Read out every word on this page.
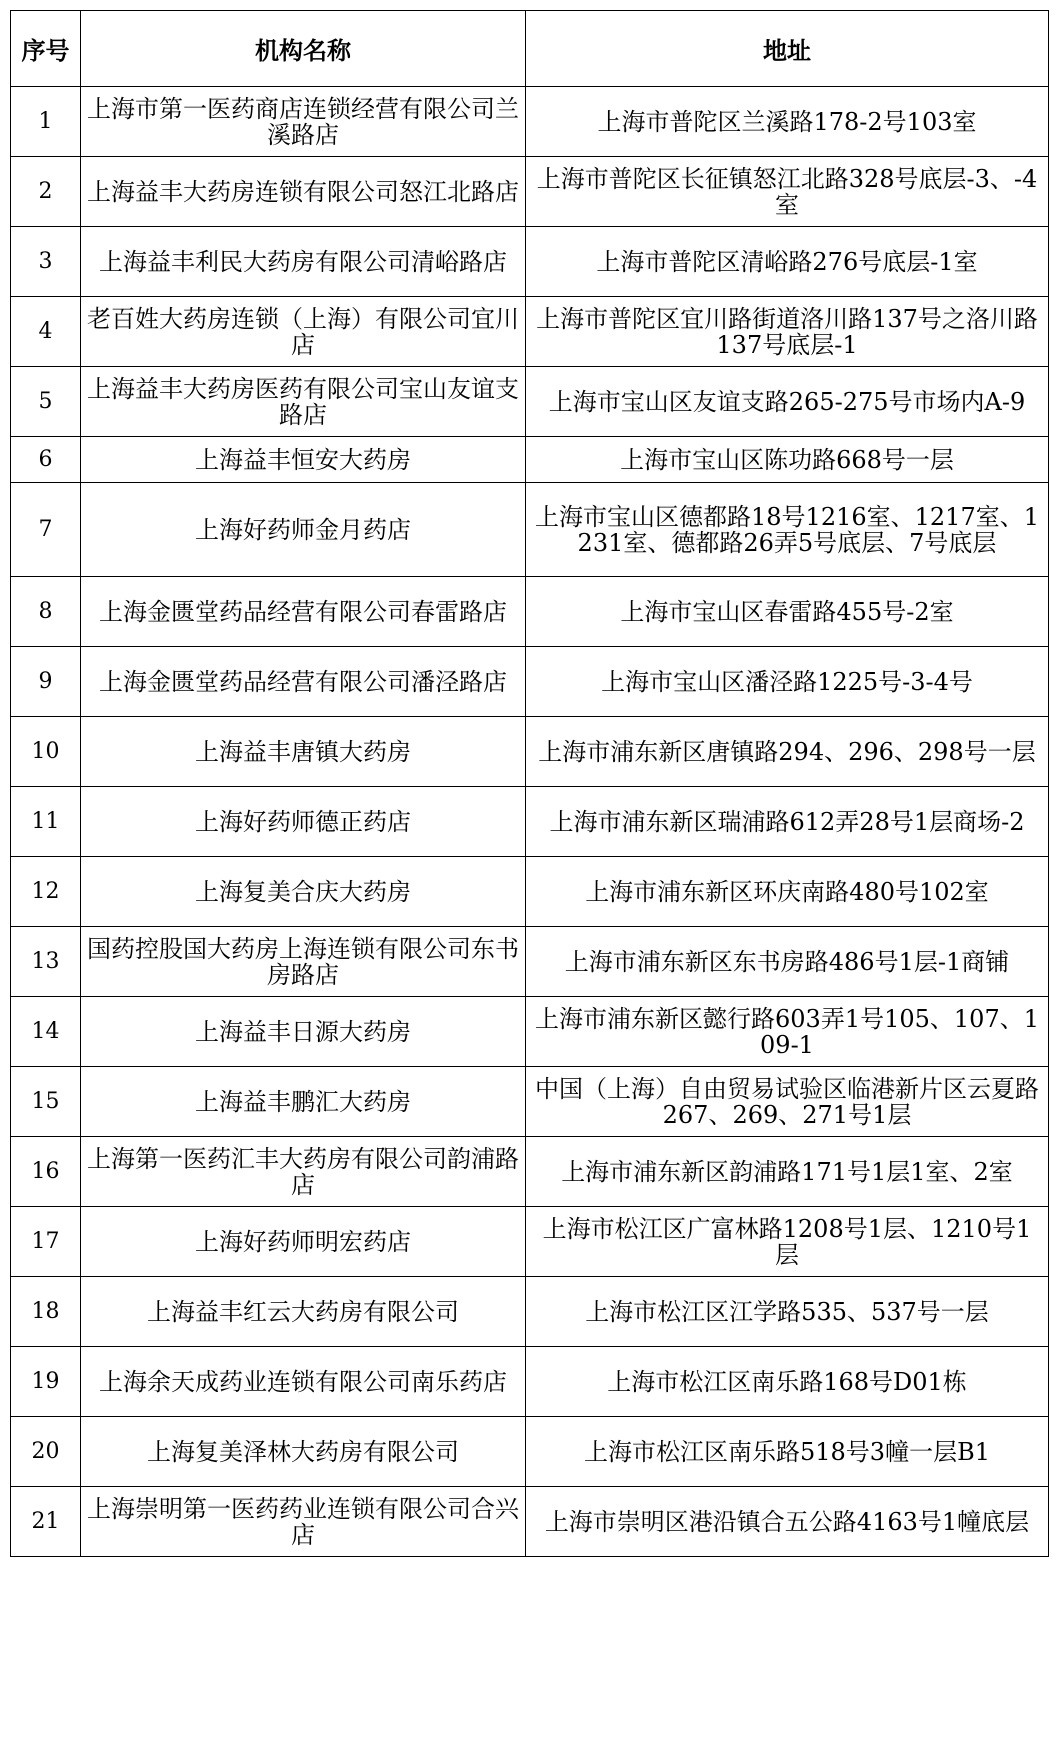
序号	机构名称	地址
1	上海市第一医药商店连锁经营有限公司兰溪路店	上海市普陀区兰溪路178-2号103室
2	上海益丰大药房连锁有限公司怒江北路店	上海市普陀区长征镇怒江北路328号底层-3、-4室
3	上海益丰利民大药房有限公司清峪路店	上海市普陀区清峪路276号底层-1室
4	老百姓大药房连锁（上海）有限公司宜川店	上海市普陀区宜川路街道洛川路137号之洛川路137号底层-1
5	上海益丰大药房医药有限公司宝山友谊支路店	上海市宝山区友谊支路265-275号市场内A-9
6	上海益丰恒安大药房	上海市宝山区陈功路668号一层
7	上海好药师金月药店	上海市宝山区德都路18号1216室、1217室、1231室、德都路26弄5号底层、7号底层
8	上海金匮堂药品经营有限公司春雷路店	上海市宝山区春雷路455号-2室
9	上海金匮堂药品经营有限公司潘泾路店	上海市宝山区潘泾路1225号-3-4号
10	上海益丰唐镇大药房	上海市浦东新区唐镇路294、296、298号一层
11	上海好药师德正药店	上海市浦东新区瑞浦路612弄28号1层商场-2
12	上海复美合庆大药房	上海市浦东新区环庆南路480号102室
13	国药控股国大药房上海连锁有限公司东书房路店	上海市浦东新区东书房路486号1层-1商铺
14	上海益丰日源大药房	上海市浦东新区懿行路603弄1号105、107、109-1
15	上海益丰鹏汇大药房	中国（上海）自由贸易试验区临港新片区云夏路267、269、271号1层
16	上海第一医药汇丰大药房有限公司韵浦路店	上海市浦东新区韵浦路171号1层1室、2室
17	上海好药师明宏药店	上海市松江区广富林路1208号1层、1210号1层
18	上海益丰红云大药房有限公司	上海市松江区江学路535、537号一层
19	上海余天成药业连锁有限公司南乐药店	上海市松江区南乐路168号D01栋
20	上海复美泽林大药房有限公司	上海市松江区南乐路518号3幢一层B1
21	上海崇明第一医药药业连锁有限公司合兴店	上海市崇明区港沿镇合五公路4163号1幢底层
